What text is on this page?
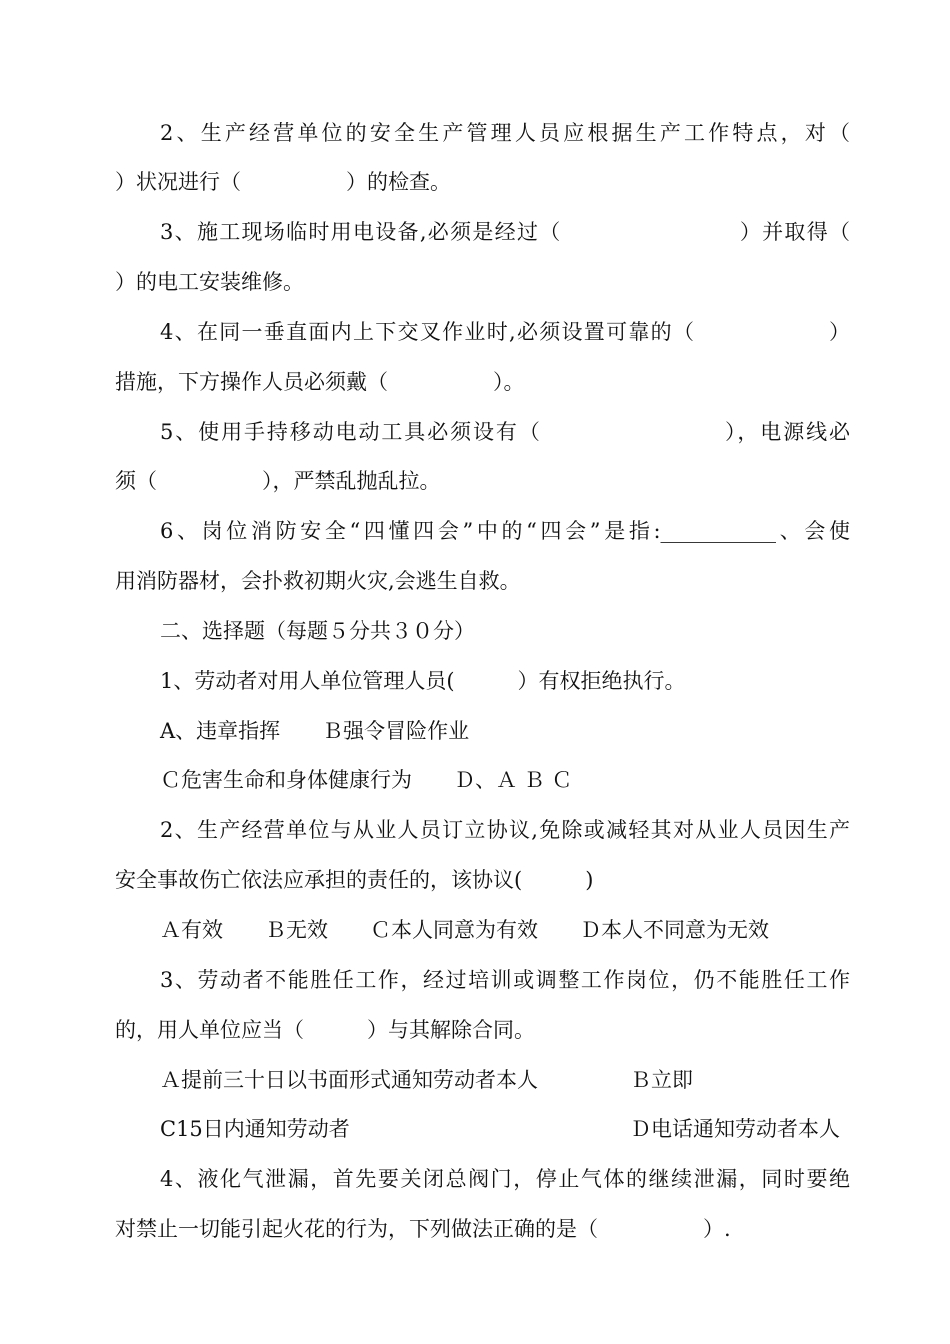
2、生产经营单位的安全生产管理人员应根据生产工作特点，对（
）状况进行（　　　　　）的检查。
3、施工现场临时用电设备,必须是经过（　　　　　　　　）并取得（
）的电工安装维修。
4、在同一垂直面内上下交叉作业时,必须设置可靠的（　　　　　　）
措施，下方操作人员必须戴（　　　　　）。
5、使用手持移动电动工具必须设有（　　　　　　　　），电源线必
须（　　　　　），严禁乱抛乱拉。
6、岗位消防安全“四懂四会”中的“四会”是指:___________、会使
用消防器材，会扑救初期火灾,会逃生自救。
二、选择题（每题５分共３０分）
1、劳动者对用人单位管理人员(　　　）有权拒绝执行。
A、违章指挥　　Ｂ强令冒险作业
Ｃ危害生命和身体健康行为　　Ｄ、Ａ Ｂ Ｃ
2、生产经营单位与从业人员订立协议,免除或减轻其对从业人员因生产
安全事故伤亡依法应承担的责任的，该协议(　　　)
Ａ有效　　Ｂ无效　　Ｃ本人同意为有效　　Ｄ本人不同意为无效
3、劳动者不能胜任工作，经过培训或调整工作岗位，仍不能胜任工作
的，用人单位应当（　　　）与其解除合同。
Ａ提前三十日以书面形式通知劳动者本人	Ｂ立即
C15日内通知劳动者	Ｄ电话通知劳动者本人
4、液化气泄漏，首先要关闭总阀门，停止气体的继续泄漏，同时要绝
对禁止一切能引起火花的行为，下列做法正确的是（　　　　　）.
